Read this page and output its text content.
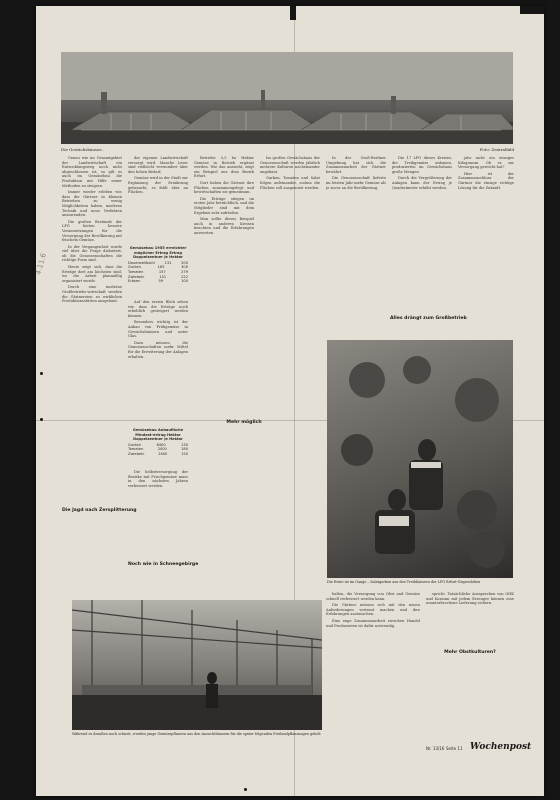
Die Gewächshäuser...	Foto: Zentralbild

Genau wie im Gesamtgebiet der Landwirtschaft ein Entwicklungsweg noch nicht abgeschlossen ist, so gilt es auch im Gemüsebau die Produktion mit Hilfe neuer Methoden zu steigern.

Immer wieder erleben wir, dass die Gärtner in kleinen Betrieben zu wenig Möglichkeiten haben, moderne Technik und neue Verfahren anzuwenden.

Die großen Bestände der LPG bieten bessere Voraussetzungen für die Versorgung der Bevölkerung mit frischem Gemüse.

In der Vergangenheit wurde viel über die Frage diskutiert, ob die Genossenschaften die richtige Form sind.

Heute zeigt sich, dass die Erträge dort am höchsten sind, wo die Arbeit planmäßig organisiert wurde.

Durch eine moderne Großbetriebs-wirtschaft werden die Gärtnereien zu wirklichen Produktionsstätten ausgebaut.

Die Jagd nach Zersplitterung

der eigenen Landwirtschaft versorgt wird. Manche Leser sind vielleicht verwundert über den hohen Bedarf.

Gemüse wird in der Stadt zur Ergänzung der Ernährung gebraucht, es fehlt aber an Flächen.

Gemüsebau 1955 erreichter möglicher Ertrag Ertrag Doppelzentner je Hektar
Dauerweißkohl	131	200
Gurken	185	300
Tomaten	157	279
Zwiebeln	151	222
Erbsen	59	100

Auf den ersten Blick sehen wir, dass die Erträge noch erheblich gesteigert werden können.

Besonders wichtig ist der Anbau von Frühgemüse in Gewächshäusern und unter Glas.

Dazu müssen die Genossenschaften mehr Mittel für die Erweiterung der Anlagen erhalten.

Gemüsebau Anbaufläche Mindest-ertrag Hektar Doppelzentner je Hektar
Gurken	6400	130
Tomaten	2000	180
Zwiebeln	2400	150

Die Selbstversorgung der Bezirke mit Frischgemüse muss in den nächsten Jahren verbessert werden.

Noch wie in Schneegebirge

Betriebe 0,5 ha Hektar Gemüse in Betrieb ergänzt werden. Wie das aussieht, zeigt ein Beispiel aus dem Bezirk Erfurt.

Dort haben die Gärtner ihre Flächen zusammengelegt und bewirtschaften sie gemeinsam.

Die Erträge stiegen im ersten Jahr beträchtlich, und die Mitglieder sind mit dem Ergebnis sehr zufrieden.

Man sollte dieses Beispiel auch in anderen Kreisen beachten und die Erfahrungen auswerten.

Mehr möglich

Im großen Gewächshaus der Genossenschaft werden jährlich mehrere Kulturen nacheinander angebaut.

Gurken, Tomaten und Salat folgen aufeinander, sodass die Flächen voll ausgenutzt werden.

In der Groß-Berliner Umgebung hat sich die Zusammenarbeit der Gärtner bewährt.

Die Genossenschaft lieferte im letzten Jahr mehr Gemüse als je zuvor an die Bevölkerung.

Alles drängt zum Großbetrieb

Die 17 LPG dieses Kreises, die Treibgemüse anbauen, produzierten im Gewächshaus große Mengen.

Durch die Vergrößerung der Anlagen kann der Ertrag je Quadratmeter erhöht werden.

jahr nicht ein einziges Kilogramm. Ob es zur Versorgung gereicht hat?

Hier ist der Zusammenschluss der Gärtner die einzige richtige Lösung für die Zukunft.

Die Ernte ist im Gange – Salatgurken aus den Treibhäusern der LPG Erfurt-Gispersleben
Während es draußen noch schneit, werden junge Gemüsepflanzen aus den Anzuchthäusern für die später folgenden Freilandpflanzungen geholt

halten, die Versorgung von Obst und Gemüse schnell verbessert werden kann.

Die Gärtner müssen sich mit den neuen Anforderungen vertraut machen und ihre Erfahrungen austauschen.

Eine enge Zusammenarbeit zwischen Handel und Produzenten ist dafür notwendig.

spricht. Tatsächliche Aussprachen von OHK und Konsum mit jedem Erzeuger können eine ununterbrochene Lieferung sichern.

Mehr Obstkulturen?
Nr. 13/16 Seite 11 Wochenpost
4.11.6
